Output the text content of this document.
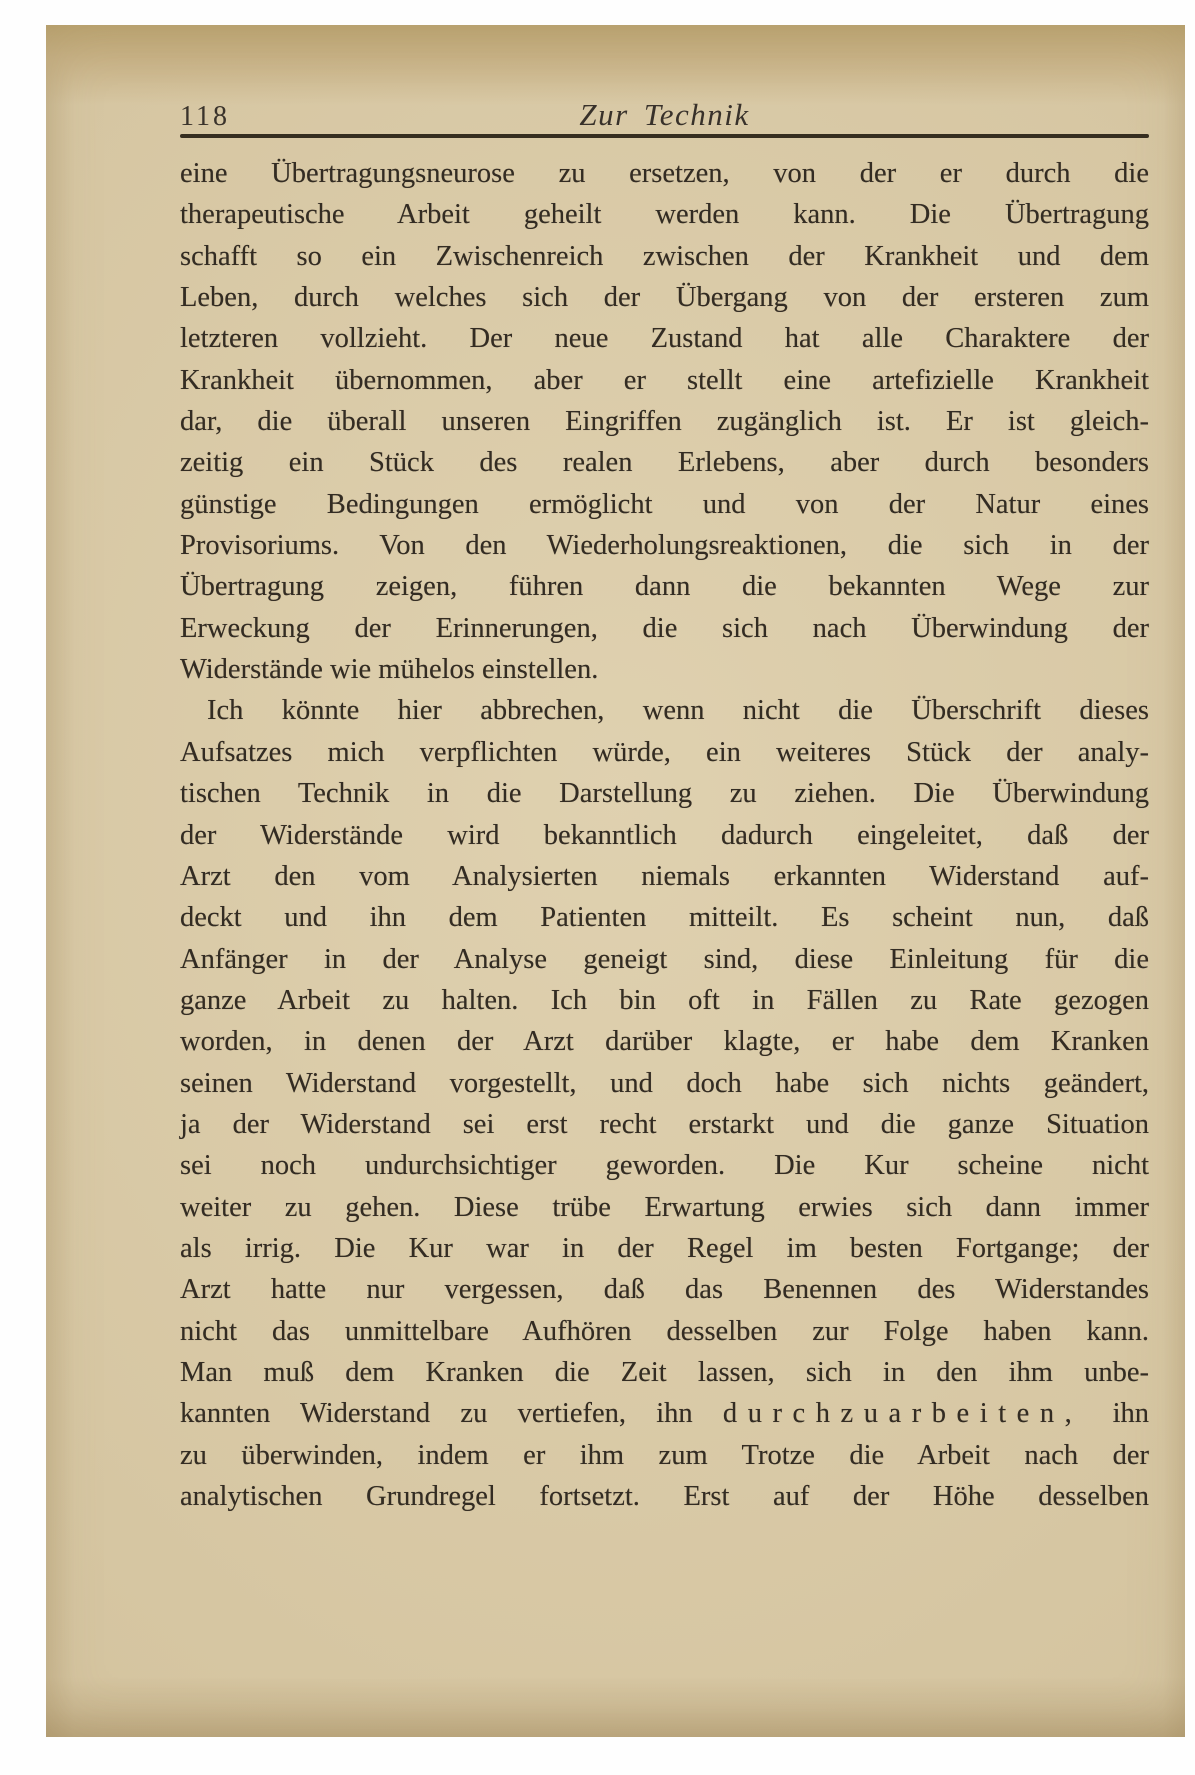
118	Zur Technik
eine Übertragungsneurose zu ersetzen, von der er durch die
therapeutische Arbeit geheilt werden kann. Die Übertragung
schafft so ein Zwischenreich zwischen der Krankheit und dem
Leben, durch welches sich der Übergang von der ersteren zum
letzteren vollzieht. Der neue Zustand hat alle Charaktere der
Krankheit übernommen, aber er stellt eine artefizielle Krankheit
dar, die überall unseren Eingriffen zugänglich ist. Er ist gleich-
zeitig ein Stück des realen Erlebens, aber durch besonders
günstige Bedingungen ermöglicht und von der Natur eines
Provisoriums. Von den Wiederholungsreaktionen, die sich in der
Übertragung zeigen, führen dann die bekannten Wege zur
Erweckung der Erinnerungen, die sich nach Überwindung der
Widerstände wie mühelos einstellen.
Ich könnte hier abbrechen, wenn nicht die Überschrift dieses
Aufsatzes mich verpflichten würde, ein weiteres Stück der analy-
tischen Technik in die Darstellung zu ziehen. Die Überwindung
der Widerstände wird bekanntlich dadurch eingeleitet, daß der
Arzt den vom Analysierten niemals erkannten Widerstand auf-
deckt und ihn dem Patienten mitteilt. Es scheint nun, daß
Anfänger in der Analyse geneigt sind, diese Einleitung für die
ganze Arbeit zu halten. Ich bin oft in Fällen zu Rate gezogen
worden, in denen der Arzt darüber klagte, er habe dem Kranken
seinen Widerstand vorgestellt, und doch habe sich nichts geändert,
ja der Widerstand sei erst recht erstarkt und die ganze Situation
sei noch undurchsichtiger geworden. Die Kur scheine nicht
weiter zu gehen. Diese trübe Erwartung erwies sich dann immer
als irrig. Die Kur war in der Regel im besten Fortgange; der
Arzt hatte nur vergessen, daß das Benennen des Widerstandes
nicht das unmittelbare Aufhören desselben zur Folge haben kann.
Man muß dem Kranken die Zeit lassen, sich in den ihm unbe-
kannten Widerstand zu vertiefen, ihn durchzuarbeiten, ihn
zu überwinden, indem er ihm zum Trotze die Arbeit nach der
analytischen Grundregel fortsetzt. Erst auf der Höhe desselben
